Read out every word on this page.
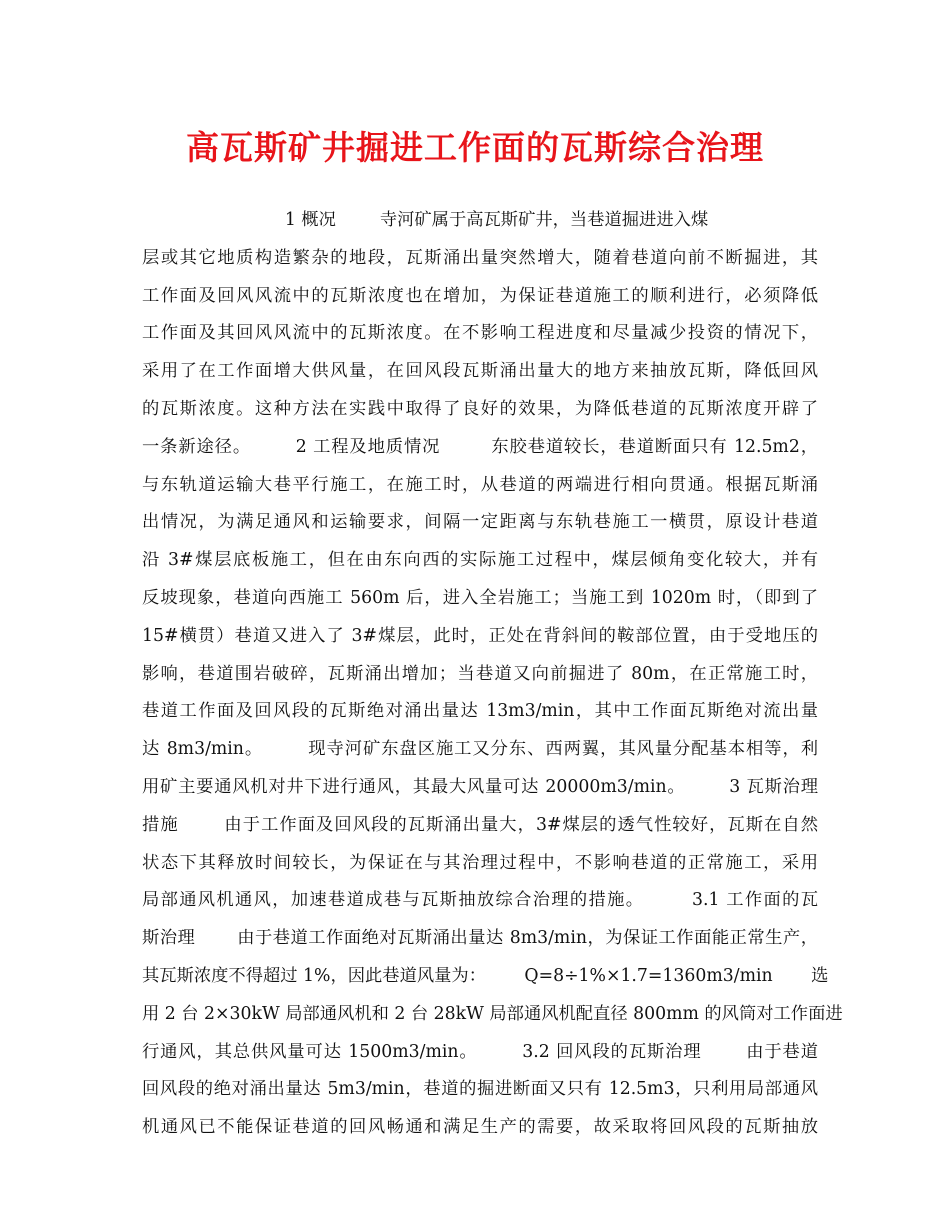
高瓦斯矿井掘进工作面的瓦斯综合治理
1 概况        寺河矿属于高瓦斯矿井，当巷道掘进进入煤
层或其它地质构造繁杂的地段，瓦斯涌出量突然增大，随着巷道向前不断掘进，其
工作面及回风风流中的瓦斯浓度也在增加，为保证巷道施工的顺利进行，必须降低
工作面及其回风风流中的瓦斯浓度。在不影响工程进度和尽量减少投资的情况下，
采用了在工作面增大供风量，在回风段瓦斯涌出量大的地方来抽放瓦斯，降低回风
的瓦斯浓度。这种方法在实践中取得了良好的效果，为降低巷道的瓦斯浓度开辟了
一条新途径。       2 工程及地质情况        东胶巷道较长，巷道断面只有 12.5m2，
与东轨道运输大巷平行施工，在施工时，从巷道的两端进行相向贯通。根据瓦斯涌
出情况，为满足通风和运输要求，间隔一定距离与东轨巷施工一横贯，原设计巷道
沿 3#煤层底板施工，但在由东向西的实际施工过程中，煤层倾角变化较大，并有
反坡现象，巷道向西施工 560m 后，进入全岩施工；当施工到 1020m 时，（即到了
15#横贯）巷道又进入了 3#煤层，此时，正处在背斜间的鞍部位置，由于受地压的
影响，巷道围岩破碎，瓦斯涌出增加；当巷道又向前掘进了 80m，在正常施工时，
巷道工作面及回风段的瓦斯绝对涌出量达 13m3/min，其中工作面瓦斯绝对流出量
达 8m3/min。       现寺河矿东盘区施工又分东、西两翼，其风量分配基本相等，利
用矿主要通风机对井下进行通风，其最大风量可达 20000m3/min。       3 瓦斯治理
措施       由于工作面及回风段的瓦斯涌出量大，3#煤层的透气性较好，瓦斯在自然
状态下其释放时间较长，为保证在与其治理过程中，不影响巷道的正常施工，采用
局部通风机通风，加速巷道成巷与瓦斯抽放综合治理的措施。       3.1 工作面的瓦
斯治理       由于巷道工作面绝对瓦斯涌出量达 8m3/min，为保证工作面能正常生产，
其瓦斯浓度不得超过 1%，因此巷道风量为：       Q=8÷1%×1.7=1360m3/min       选
用 2 台 2×30kW 局部通风机和 2 台 28kW 局部通风机配直径 800mm 的风筒对工作面进
行通风，其总供风量可达 1500m3/min。       3.2 回风段的瓦斯治理       由于巷道
回风段的绝对涌出量达 5m3/min，巷道的掘进断面又只有 12.5m3，只利用局部通风
机通风已不能保证巷道的回风畅通和满足生产的需要，故采取将回风段的瓦斯抽放
